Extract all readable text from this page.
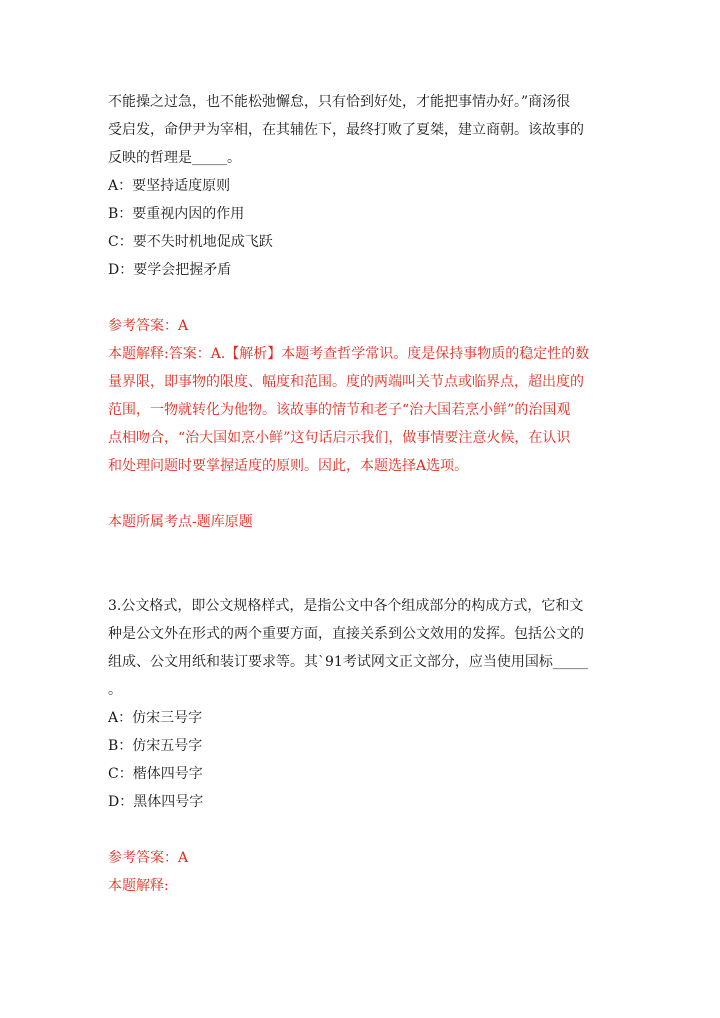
不能操之过急，也不能松弛懈怠，只有恰到好处，才能把事情办好。”商汤很
受启发，命伊尹为宰相，在其辅佐下，最终打败了夏桀，建立商朝。该故事的
反映的哲理是_____。
A：要坚持适度原则
B：要重视内因的作用
C：要不失时机地促成飞跃
D：要学会把握矛盾
参考答案：A
本题解释:答案：A.【解析】本题考查哲学常识。度是保持事物质的稳定性的数
量界限，即事物的限度、幅度和范围。度的两端叫关节点或临界点，超出度的
范围，一物就转化为他物。该故事的情节和老子“治大国若烹小鲜”的治国观
点相吻合，“治大国如烹小鲜”这句话启示我们，做事情要注意火候，在认识
和处理问题时要掌握适度的原则。因此，本题选择A选项。
本题所属考点-题库原题
3.公文格式，即公文规格样式，是指公文中各个组成部分的构成方式，它和文
种是公文外在形式的两个重要方面，直接关系到公文效用的发挥。包括公文的
组成、公文用纸和装订要求等。其`91考试网文正文部分，应当使用国标_____
。
A：仿宋三号字
B：仿宋五号字
C：楷体四号字
D：黑体四号字
参考答案：A
本题解释:
